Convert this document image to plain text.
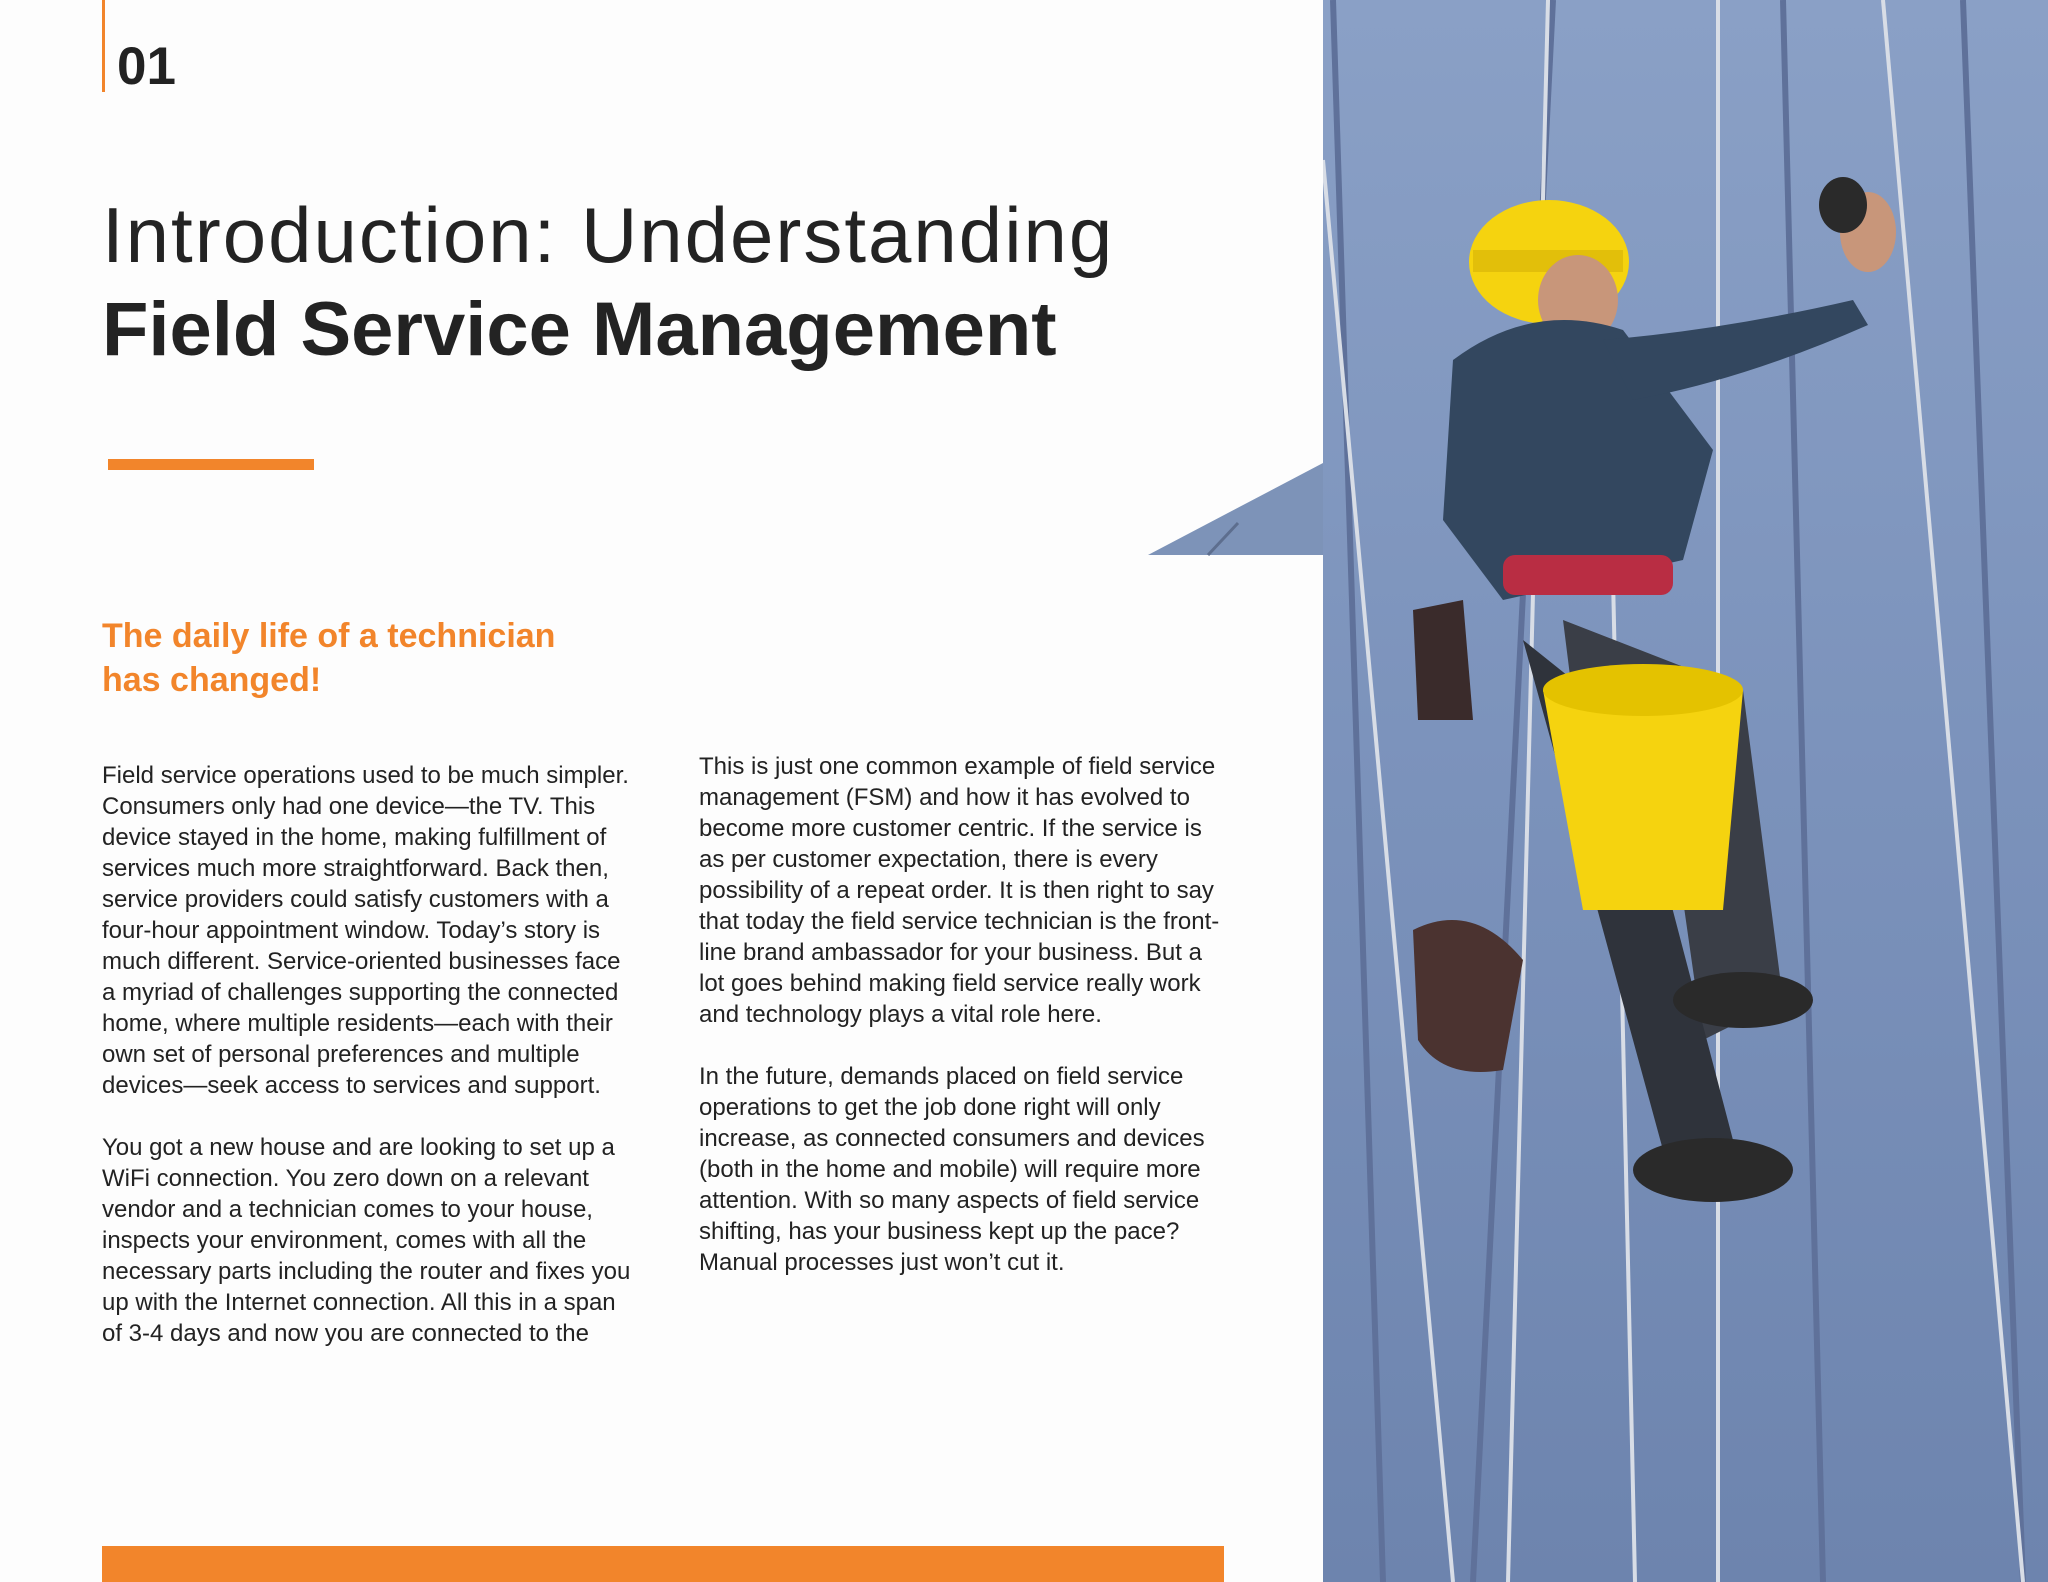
01
Introduction: Understanding
Field Service Management
The daily life of a technician
has changed!

Field service operations used to be much simpler. Consumers only had one device—the TV. This device stayed in the home, making fulfillment of services much more straightforward. Back then, service providers could satisfy customers with a four-hour appointment window. Today’s story is much different. Service-oriented businesses face a myriad of challenges supporting the connected home, where multiple residents—each with their own set of personal preferences and multiple devices—seek access to services and support.

You got a new house and are looking to set up a WiFi connection. You zero down on a relevant vendor and a technician comes to your house, inspects your environment, comes with all the necessary parts including the router and fixes you up with the Internet connection. All this in a span of 3-4 days and now you are connected to the

This is just one common example of field service management (FSM) and how it has evolved to become more customer centric. If the service is as per customer expectation, there is every possibility of a repeat order. It is then right to say that today the field service technician is the front-line brand ambassador for your business. But a lot goes behind making field service really work and technology plays a vital role here.

In the future, demands placed on field service operations to get the job done right will only increase, as connected consumers and devices (both in the home and mobile) will require more attention. With so many aspects of field service shifting, has your business kept up the pace? Manual processes just won’t cut it.
